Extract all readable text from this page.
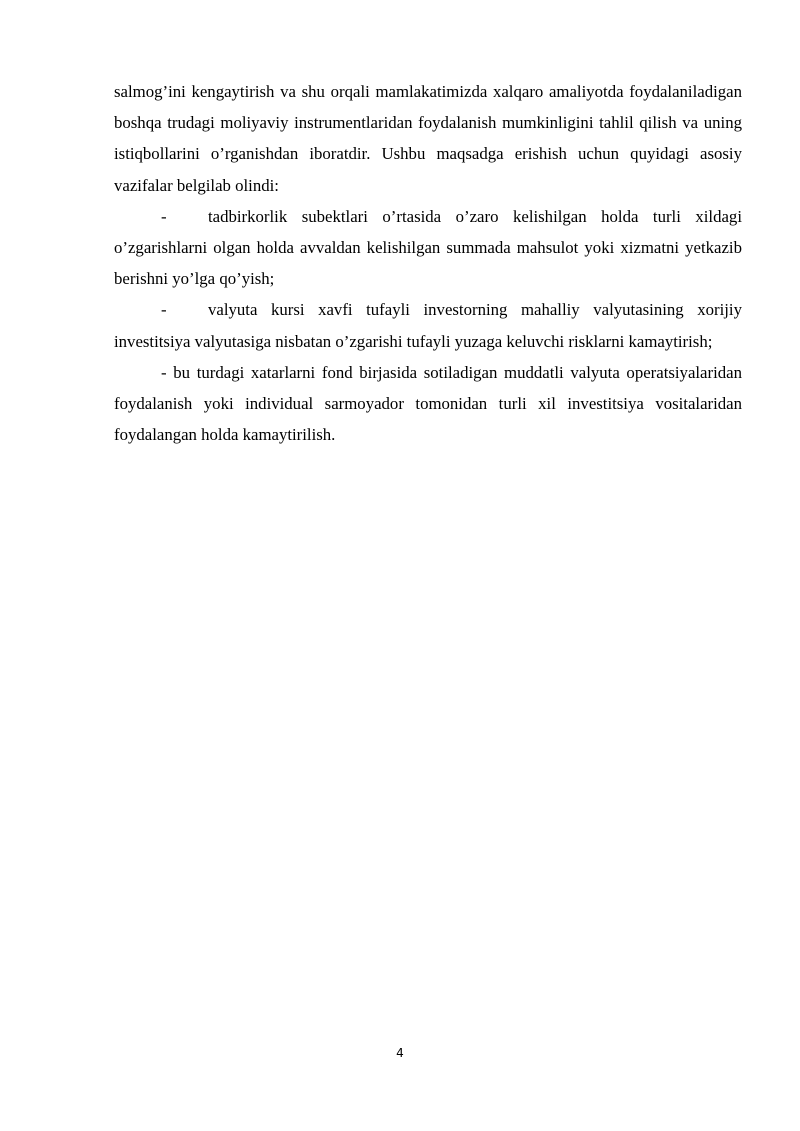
salmog’ini kengaytirish va shu orqali mamlakatimizda xalqaro amaliyotda foydalaniladigan boshqa trudagi moliyaviy instrumentlaridan foydalanish mumkinligini tahlil qilish va uning istiqbollarini o’rganishdan iboratdir. Ushbu maqsadga erishish uchun quyidagi asosiy vazifalar belgilab olindi:

- tadbirkorlik subektlari o’rtasida o’zaro kelishilgan holda turli xildagi o’zgarishlarni olgan holda avvaldan kelishilgan summada mahsulot yoki xizmatni yetkazib berishni yo’lga qo’yish;

- valyuta kursi xavfi tufayli investorning mahalliy valyutasining xorijiy investitsiya valyutasiga nisbatan o’zgarishi tufayli yuzaga keluvchi risklarni kamaytirish;

- bu turdagi xatarlarni fond birjasida sotiladigan muddatli valyuta operatsiyalaridan foydalanish yoki individual sarmoyador tomonidan turli xil investitsiya vositalaridan foydalangan holda kamaytirilish.

4
